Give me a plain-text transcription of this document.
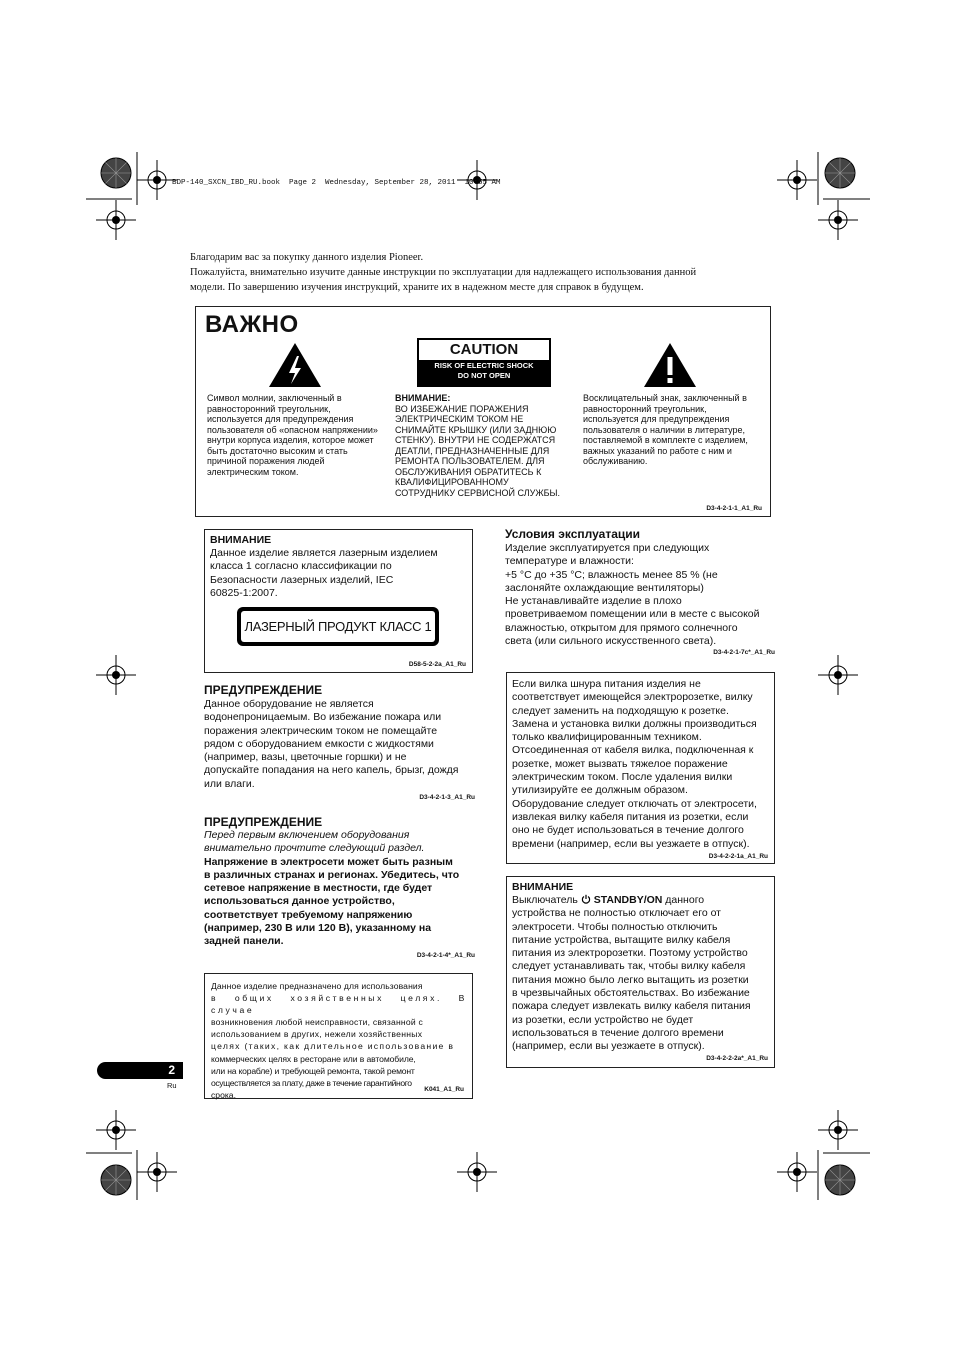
BDP-140_SXCN_IBD_RU.book  Page 2  Wednesday, September 28, 2011  10:55 AM

Благодарим вас за покупку данного изделия Pioneer.

Пожалуйста, внимательно изучите данные инструкции по эксплуатации для надлежащего использования данной

модели. По завершению изучения инструкций, храните их в надежном месте для справок в будущем.

ВАЖНО
CAUTION
RISK OF ELECTRIC SHOCK
DO NOT OPEN

Символ молнии, заключенный в

равносторонний треугольник,

используется для предупреждения

пользователя об «опасном напряжении»

внутри корпуса изделия, которое может

быть достаточно высоким и стать

причиной поражения людей

электрическим током.

ВНИМАНИЕ:

ВО ИЗБЕЖАНИЕ ПОРАЖЕНИЯ

ЭЛЕКТРИЧЕСКИМ ТОКОМ НЕ

СНИМАЙТЕ КРЫШКУ (ИЛИ ЗАДНЮЮ

СТЕНКУ). ВНУТРИ НЕ СОДЕРЖАТСЯ

ДЕАТЛИ, ПРЕДНАЗНАЧЕННЫЕ ДЛЯ

РЕМОНТА ПОЛЬЗОВАТЕЛЕМ. ДЛЯ

ОБСЛУЖИВАНИЯ ОБРАТИТЕСЬ К

КВАЛИФИЦИРОВАННОМУ

СОТРУДНИКУ СЕРВИСНОЙ СЛУЖБЫ.

Восклицательный знак, заключенный в

равносторонний треугольник,

используется для предупреждения

пользователя о наличии в литературе,

поставляемой в комплекте с изделием,

важных указаний по работе с ним и

обслуживанию.

D3-4-2-1-1_A1_Ru
ВНИМАНИЕ

Данное изделие является лазерным изделием

класса 1 согласно классификации по

Безопасности лазерных изделий, IEC

60825-1:2007.

ЛАЗЕРНЫЙ ПРОДУКТ КЛАСС 1
D58-5-2-2a_A1_Ru
ПРЕДУПРЕЖДЕНИЕ

Данное оборудование не является

водонепроницаемым. Во избежание пожара или

поражения электрическим током не помещайте

рядом с оборудованием емкости с жидкостями

(например, вазы, цветочные горшки) и не

допускайте попадания на него капель, брызг, дождя

или влаги.

D3-4-2-1-3_A1_Ru
ПРЕДУПРЕЖДЕНИЕ

Перед первым включением оборудования

внимательно прочтите следующий раздел.

Напряжение в электросети может быть разным

в различных странах и регионах. Убедитесь, что

сетевое напряжение в местности, где будет

использоваться данное устройство,

соответствует требуемому напряжению

(например, 230 В или 120 В), указанному на

задней панели.

D3-4-2-1-4*_A1_Ru

Данное изделие предназначено для использования

в общих хозяйственных целях. В случае

возникновения любой неисправности, связанной с

использованием в других, нежели хозяйственных

целях (таких, как длительное использование в

коммерческих целях в ресторане или в автомобиле,

или на корабле) и требующей ремонта, такой ремонт

осуществляется за плату, даже в течение гарантийного

срока.

K041_A1_Ru
Условия эксплуатации

Изделие эксплуатируется при следующих

температуре и влажности:

+5 °C до +35 °C; влажность менее 85 % (не

заслоняйте охлаждающие вентиляторы)

Не устанавливайте изделие в плохо

проветриваемом помещении или в месте с высокой

влажностью, открытом для прямого солнечного

света (или сильного искусственного света).

D3-4-2-1-7c*_A1_Ru

Если вилка шнура питания изделия не

соответствует имеющейся электророзетке, вилку

следует заменить на подходящую к розетке.

Замена и установка вилки должны производиться

только квалифицированным техником.

Отсоединенная от кабеля вилка, подключенная к

розетке, может вызвать тяжелое поражение

электрическим током. После удаления вилки

утилизируйте ее должным образом.

Оборудование следует отключать от электросети,

извлекая вилку кабеля питания из розетки, если

оно не будет использоваться в течение долгого

времени (например, если вы уезжаете в отпуск).

D3-4-2-2-1a_A1_Ru
ВНИМАНИЕ

Выключатель  STANDBY/ON данного

устройства не полностью отключает его от

электросети. Чтобы полностью отключить

питание устройства, вытащите вилку кабеля

питания из электророзетки. Поэтому устройство

следует устанавливать так, чтобы вилку кабеля

питания можно было легко вытащить из розетки

в чрезвычайных обстоятельствах. Во избежание

пожара следует извлекать вилку кабеля питания

из розетки, если устройство не будет

использоваться в течение долгого времени

(например, если вы уезжаете в отпуск).

D3-4-2-2-2a*_A1_Ru
2
Ru
